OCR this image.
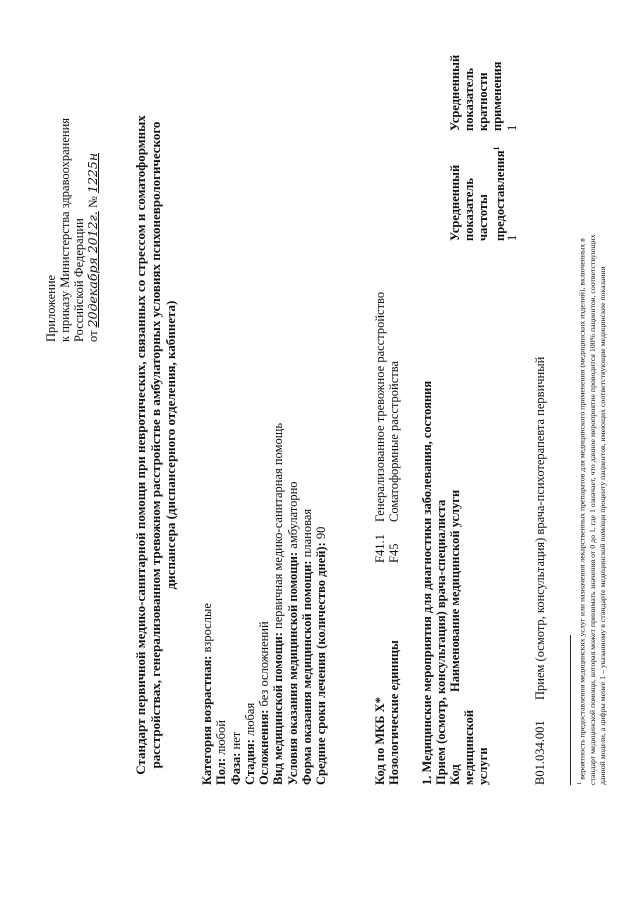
Приложение к приказу Министерства здравоохранения Российской Федерации от 20декабря 2012г. № 1225н	Стандарт первичной медико-санитарной помощи при невротических, связанных со стрессом и соматоформных расстройствах, генерализованном тревожном расстройстве в амбулаторных условиях психоневрологического диспансера (диспансерного отделения, кабинета)
Категория возрастная: взрослые
Пол: любой
Фаза: нет Стадия: любая Осложнения: без осложнений Вид медицинской помощи: первичная медико-санитарная помощь
Условия оказания медицинской помощи: амбулаторно
Форма оказания медицинской помощи: плановая
Средние сроки лечения (количество дней): 90
Код по МКБ X* Нозологические единицы
F41.1
Генерализованное тревожное расстройство
F45
Соматоформные расстройства 1. Медицинские мероприятия для диагностики заболевания, состояния Прием (осмотр, консультация) врача-специалиста Код медицинской услуги
Наименование медицинской услуги
Усредненный показатель частоты предоставления$^1$
Усредненный показатель кратности применения
B01.034.001
Прием (осмотр, консультация) врача-психотерапевта первичный
1
1
$^1$ вероятность предоставления медицинских услуг или назначения лекарственных препаратов для медицинского применения (медицинских изделий), включенных в стандарт медицинской помощи, которая может принимать значения от 0 до 1, где 1 означает, что данное мероприятие проводится 100% пациентов, соответствующих данной модели, а цифры менее 1 – указанному в стандарте медицинской помощи проценту пациентов, имеющих соответствующие медицинские показания
